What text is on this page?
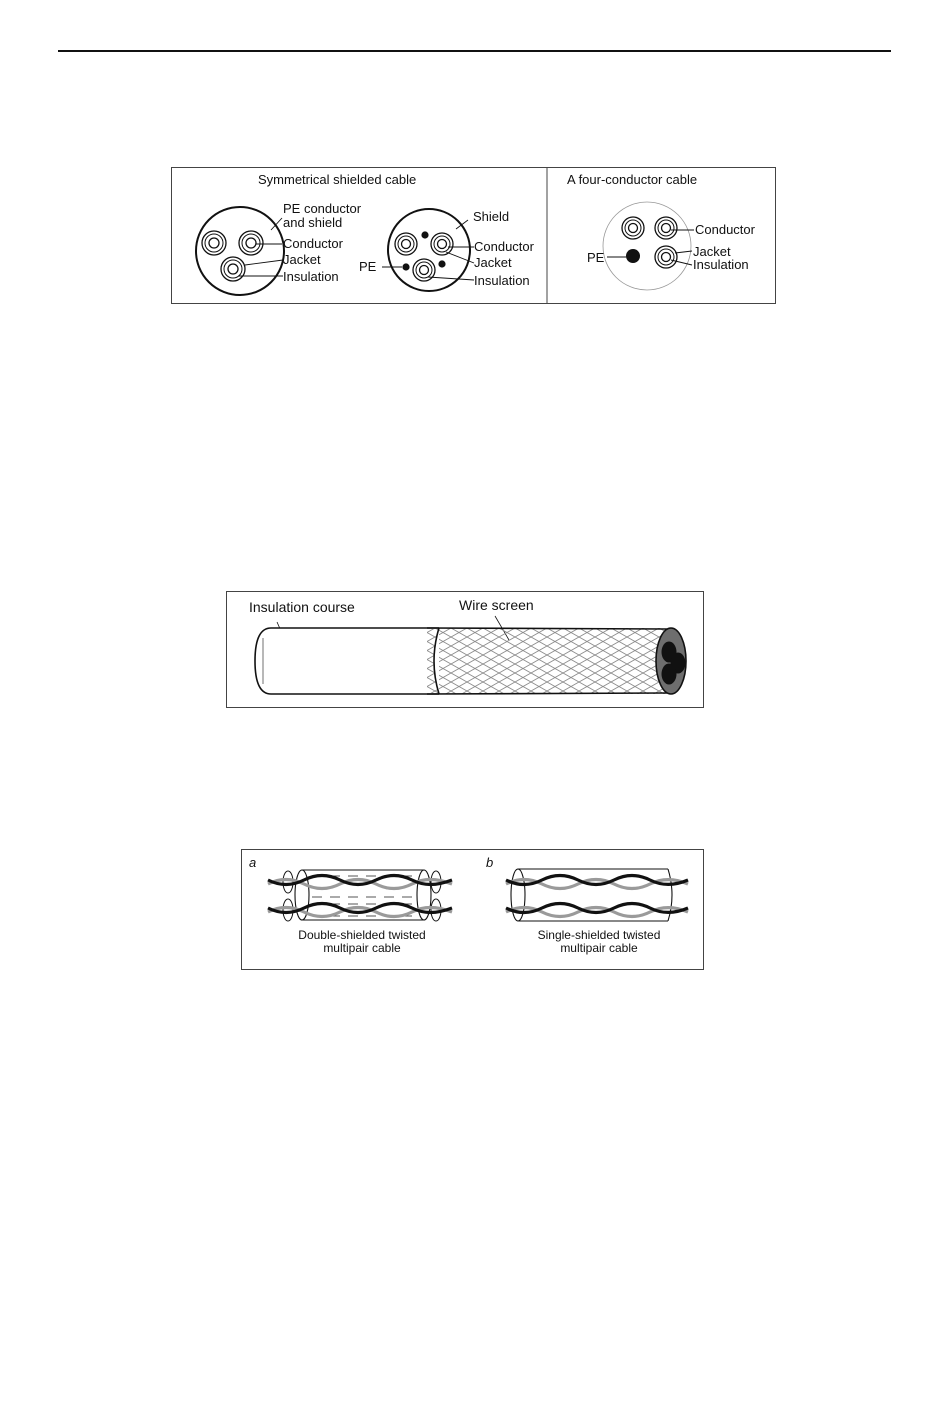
Symmetrical shielded cable	A four-conductor cable
PE conductor
and shield
Conductor
Jacket
Insulation
Shield
Conductor
PE	Jacket
Insulation
Conductor
PE	Jacket
Insulation
Insulation course	Wire screen
a	b
Double-shielded twisted
multipair cable
Single-shielded twisted
multipair cable
